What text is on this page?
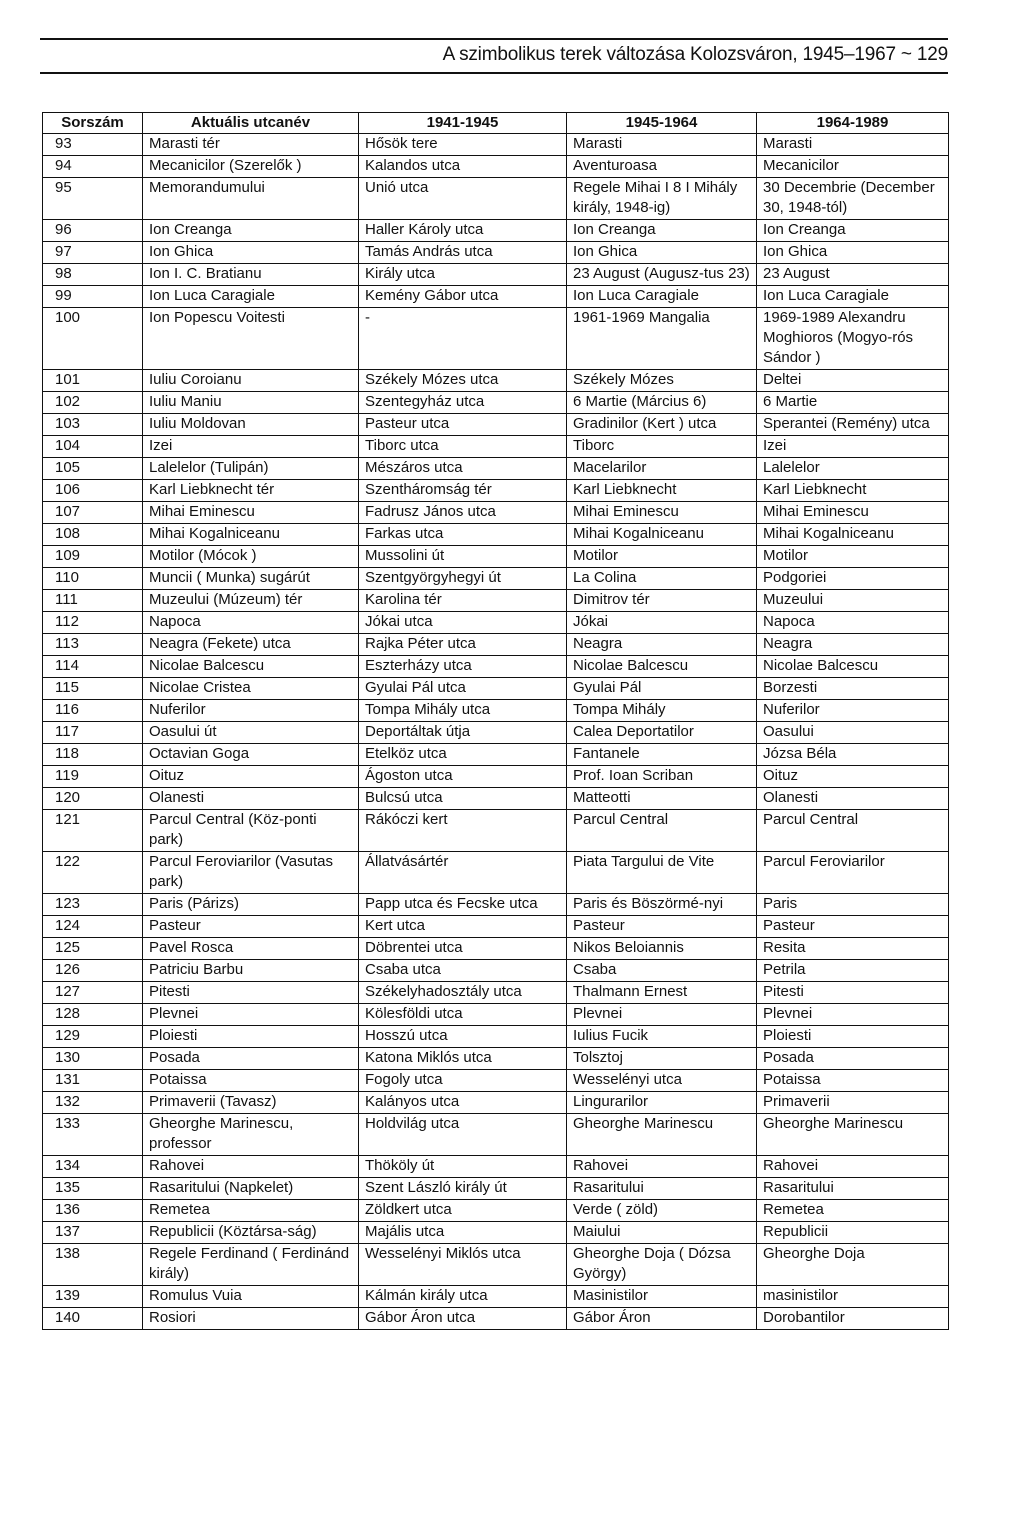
A szimbolikus terek változása Kolozsváron, 1945–1967 ~ 129
Sorszám	Aktuális utcanév	1941-1945	1945-1964	1964-1989
93	Marasti tér	Hősök tere	Marasti	Marasti
94	Mecanicilor (Szerelők )	Kalandos utca	Aventuroasa	Mecanicilor
95	Memorandumului	Unió utca	Regele Mihai I 8 I Mihály király, 1948-ig)	30 Decembrie (December 30, 1948-tól)
96	Ion Creanga	Haller Károly utca	Ion Creanga	Ion Creanga
97	Ion Ghica	Tamás András utca	Ion Ghica	Ion Ghica
98	Ion I. C. Bratianu	Király utca	23 August (Augusz-tus 23)	23 August
99	Ion Luca Caragiale	Kemény Gábor utca	Ion Luca Caragiale	Ion Luca Caragiale
100	Ion Popescu Voitesti	-	1961-1969 Mangalia	1969-1989 Alexandru Moghioros (Mogyo-rós Sándor )
101	Iuliu Coroianu	Székely Mózes utca	Székely Mózes	Deltei
102	Iuliu Maniu	Szentegyház utca	6 Martie (Március 6)	6 Martie
103	Iuliu Moldovan	Pasteur utca	Gradinilor (Kert ) utca	Sperantei (Remény) utca
104	Izei	Tiborc utca	Tiborc	Izei
105	Lalelelor (Tulipán)	Mészáros utca	Macelarilor	Lalelelor
106	Karl Liebknecht tér	Szentháromság tér	Karl Liebknecht	Karl Liebknecht
107	Mihai Eminescu	Fadrusz János utca	Mihai Eminescu	Mihai Eminescu
108	Mihai Kogalniceanu	Farkas utca	Mihai Kogalniceanu	Mihai Kogalniceanu
109	Motilor (Mócok )	Mussolini út	Motilor	Motilor
110	Muncii ( Munka) sugárút	Szentgyörgyhegyi út	La Colina	Podgoriei
111	Muzeului (Múzeum) tér	Karolina tér	Dimitrov tér	Muzeului
112	Napoca	Jókai utca	Jókai	Napoca
113	Neagra (Fekete) utca	Rajka Péter utca	Neagra	Neagra
114	Nicolae Balcescu	Eszterházy utca	Nicolae Balcescu	Nicolae Balcescu
115	Nicolae Cristea	Gyulai Pál utca	Gyulai Pál	Borzesti
116	Nuferilor	Tompa Mihály utca	Tompa Mihály	Nuferilor
117	Oasului út	Deportáltak útja	Calea Deportatilor	Oasului
118	Octavian Goga	Etelköz utca	Fantanele	Józsa Béla
119	Oituz	Ágoston utca	Prof. Ioan Scriban	Oituz
120	Olanesti	Bulcsú utca	Matteotti	Olanesti
121	Parcul Central (Köz-ponti park)	Rákóczi kert	Parcul Central	Parcul Central
122	Parcul Feroviarilor (Vasutas park)	Állatvásártér	Piata Targului de Vite	Parcul Feroviarilor
123	Paris (Párizs)	Papp utca és Fecske utca	Paris és Böszörmé-nyi	Paris
124	Pasteur	Kert utca	Pasteur	Pasteur
125	Pavel Rosca	Döbrentei utca	Nikos Beloiannis	Resita
126	Patriciu Barbu	Csaba utca	Csaba	Petrila
127	Pitesti	Székelyhadosztály utca	Thalmann Ernest	Pitesti
128	Plevnei	Kölesföldi utca	Plevnei	Plevnei
129	Ploiesti	Hosszú utca	Iulius Fucik	Ploiesti
130	Posada	Katona Miklós utca	Tolsztoj	Posada
131	Potaissa	Fogoly utca	Wesselényi utca	Potaissa
132	Primaverii (Tavasz)	Kalányos utca	Lingurarilor	Primaverii
133	Gheorghe Marinescu, professor	Holdvilág utca	Gheorghe Marinescu	Gheorghe Marinescu
134	Rahovei	Thököly út	Rahovei	Rahovei
135	Rasaritului (Napkelet)	Szent László király út	Rasaritului	Rasaritului
136	Remetea	Zöldkert utca	Verde ( zöld)	Remetea
137	Republicii (Köztársa-ság)	Majális utca	Maiului	Republicii
138	Regele Ferdinand ( Ferdinánd király)	Wesselényi Miklós utca	Gheorghe Doja ( Dózsa György)	Gheorghe Doja
139	Romulus Vuia	Kálmán király utca	Masinistilor	masinistilor
140	Rosiori	Gábor Áron utca	Gábor Áron	Dorobantilor
